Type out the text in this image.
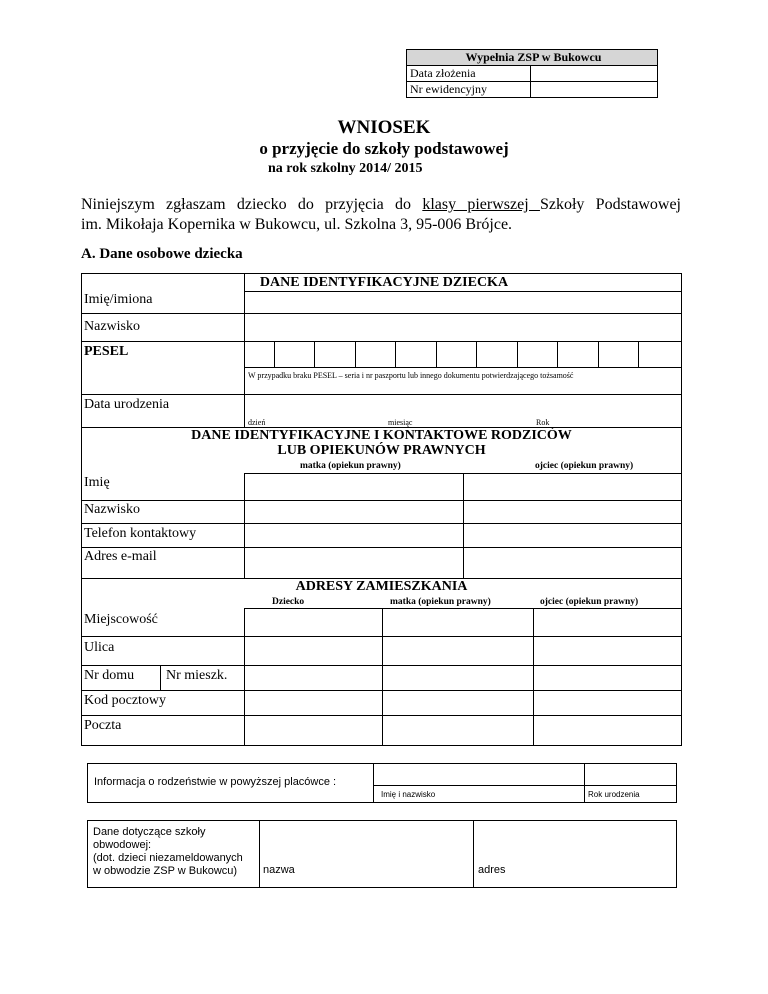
Wypełnia ZSP w Bukowcu	
Data złożenia	
Nr ewidencyjny	
WNIOSEK
o przyjęcie do szkoły podstawowej
na rok szkolny 2014/ 2015
Niniejszym zgłaszam dziecko do przyjęcia do klasy pierwszej Szkoły Podstawowej
im. Mikołaja Kopernika w Bukowcu, ul. Szkolna 3, 95-006 Brójce.
A. Dane osobowe dziecka
DANE IDENTYFIKACYJNE DZIECKA
Imię/imiona
Nazwisko
PESEL
W przypadku braku PESEL – seria i nr paszportu lub innego dokumentu potwierdzającego tożsamość
Data urodzenia
dzień	miesiąc	Rok
DANE IDENTYFIKACYJNE I KONTAKTOWE RODZICÓW
LUB OPIEKUNÓW PRAWNYCH
matka (opiekun prawny)	ojciec (opiekun prawny)
Imię
Nazwisko
Telefon kontaktowy
Adres e-mail
ADRESY ZAMIESZKANIA
Dziecko	matka (opiekun prawny)	ojciec (opiekun prawny)
Miejscowość
Ulica
Nr domu Nr mieszk.
Kod pocztowy
Poczta
Informacja o rodzeństwie w powyższej placówce :
Imię i nazwisko	Rok urodzenia
Dane dotyczące szkoły
obwodowej:
(dot. dzieci niezameldowanych
w obwodzie ZSP w Bukowcu)	nazwa	adres
